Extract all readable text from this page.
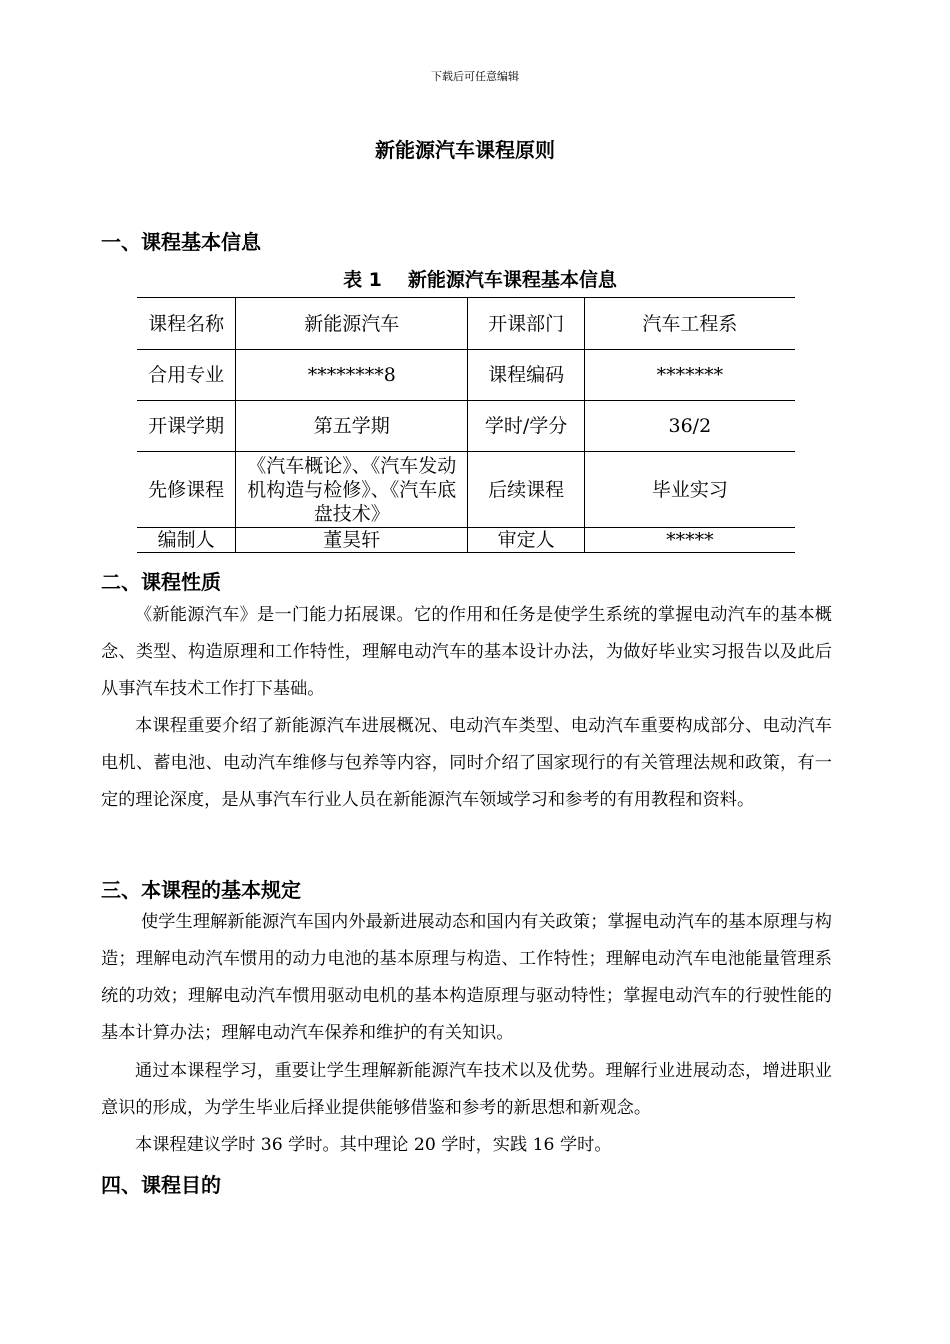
下载后可任意编辑
新能源汽车课程原则
一、课程基本信息
表 1 新能源汽车课程基本信息
课程名称	新能源汽车	开课部门	汽车工程系
合用专业	********8	课程编码	*******
开课学期	第五学期	学时/学分	36/2
先修课程	《汽车概论》、《汽车发动机构造与检修》、《汽车底盘技术》	后续课程	毕业实习
编制人	董昊轩	审定人	*****
二、课程性质

《新能源汽车》是一门能力拓展课。它的作用和任务是使学生系统的掌握电动汽车的基本概念、类型、构造原理和工作特性，理解电动汽车的基本设计办法，为做好毕业实习报告以及此后从事汽车技术工作打下基础。

本课程重要介绍了新能源汽车进展概况、电动汽车类型、电动汽车重要构成部分、电动汽车电机、蓄电池、电动汽车维修与包养等内容，同时介绍了国家现行的有关管理法规和政策，有一定的理论深度，是从事汽车行业人员在新能源汽车领域学习和参考的有用教程和资料。

三、本课程的基本规定

使学生理解新能源汽车国内外最新进展动态和国内有关政策；掌握电动汽车的基本原理与构造；理解电动汽车惯用的动力电池的基本原理与构造、工作特性；理解电动汽车电池能量管理系统的功效；理解电动汽车惯用驱动电机的基本构造原理与驱动特性；掌握电动汽车的行驶性能的基本计算办法；理解电动汽车保养和维护的有关知识。

通过本课程学习，重要让学生理解新能源汽车技术以及优势。理解行业进展动态，增进职业意识的形成，为学生毕业后择业提供能够借鉴和参考的新思想和新观念。

本课程建议学时 36 学时。其中理论 20 学时，实践 16 学时。

四、课程目的
